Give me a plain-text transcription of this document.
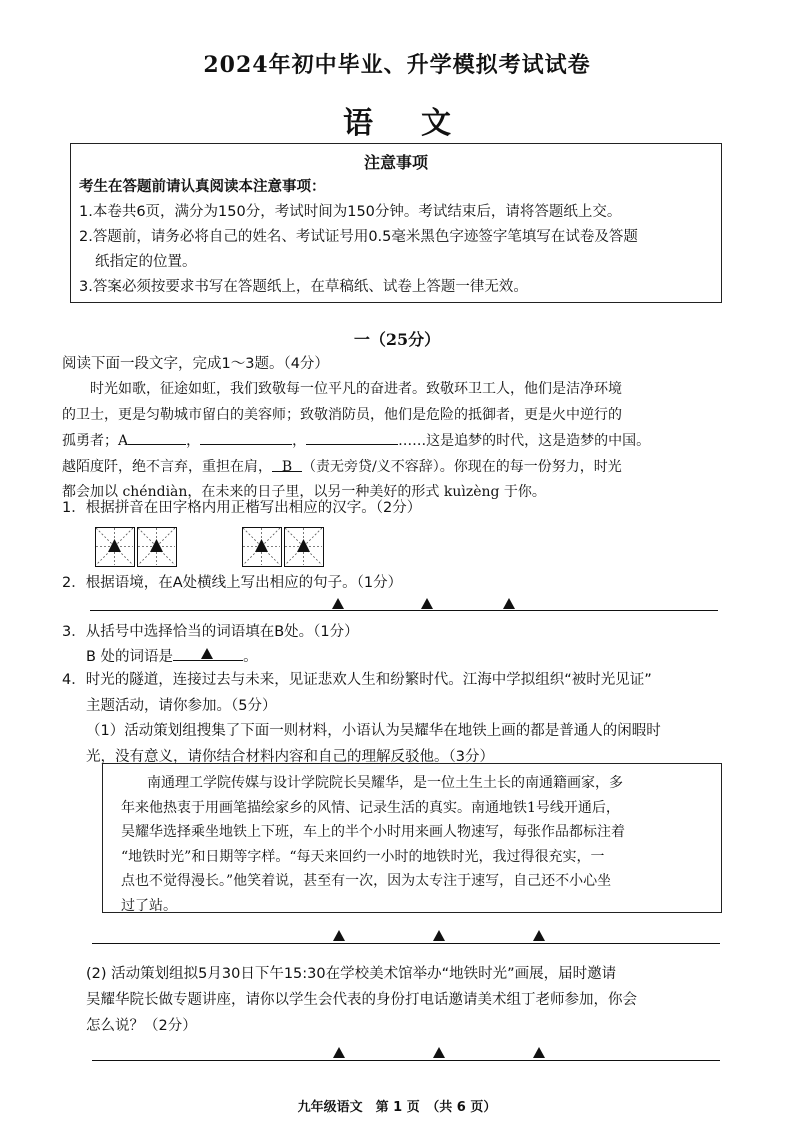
2024年初中毕业、升学模拟考试试卷
语文
注意事项
考生在答题前请认真阅读本注意事项：
1.本卷共6页，满分为150分，考试时间为150分钟。考试结束后，请将答题纸上交。
2.答题前，请务必将自己的姓名、考试证号用0.5毫米黑色字迹签字笔填写在试卷及答题
纸指定的位置。
3.答案必须按要求书写在答题纸上，在草稿纸、试卷上答题一律无效。
一（25分）
阅读下面一段文字，完成1～3题。（4分）
时光如歌，征途如虹，我们致敬每一位平凡的奋进者。致敬环卫工人，他们是洁净环境
的卫士，更是匀勒城市留白的美容师；致敬消防员，他们是危险的抵御者，更是火中逆行的
孤勇者；A	，	，	……这是追梦的时代，这是造梦的中国。
越陌度阡，绝不言弃，重担在肩， B （责无旁贷/义不容辞）。你现在的每一份努力，时光
都会加以 chéndiàn，在未来的日子里，以另一种美好的形式 kuìzèng 于你。
1．根据拼音在田字格内用正楷写出相应的汉字。（2分）
2．根据语境，在A处横线上写出相应的句子。（1分）
3．从括号中选择恰当的词语填在B处。（1分）
B 处的词语是	。
4．时光的隧道，连接过去与未来，见证悲欢人生和纷繁时代。江海中学拟组织“被时光见证”
主题活动，请你参加。（5分）
（1）活动策划组搜集了下面一则材料，小语认为吴耀华在地铁上画的都是普通人的闲暇时
光，没有意义，请你结合材料内容和自己的理解反驳他。（3分）
南通理工学院传媒与设计学院院长吴耀华，是一位土生土长的南通籍画家，多
年来他热衷于用画笔描绘家乡的风情、记录生活的真实。南通地铁1号线开通后，
吴耀华选择乘坐地铁上下班，车上的半个小时用来画人物速写，每张作品都标注着
“地铁时光”和日期等字样。“每天来回约一小时的地铁时光，我过得很充实，一
点也不觉得漫长。”他笑着说，甚至有一次，因为太专注于速写，自己还不小心坐
过了站。
(2) 活动策划组拟5月30日下午15:30在学校美术馆举办“地铁时光”画展，届时邀请
吴耀华院长做专题讲座，请你以学生会代表的身份打电话邀请美术组丁老师参加，你会
怎么说？（2分）
九年级语文　第 1 页　（共 6 页）
